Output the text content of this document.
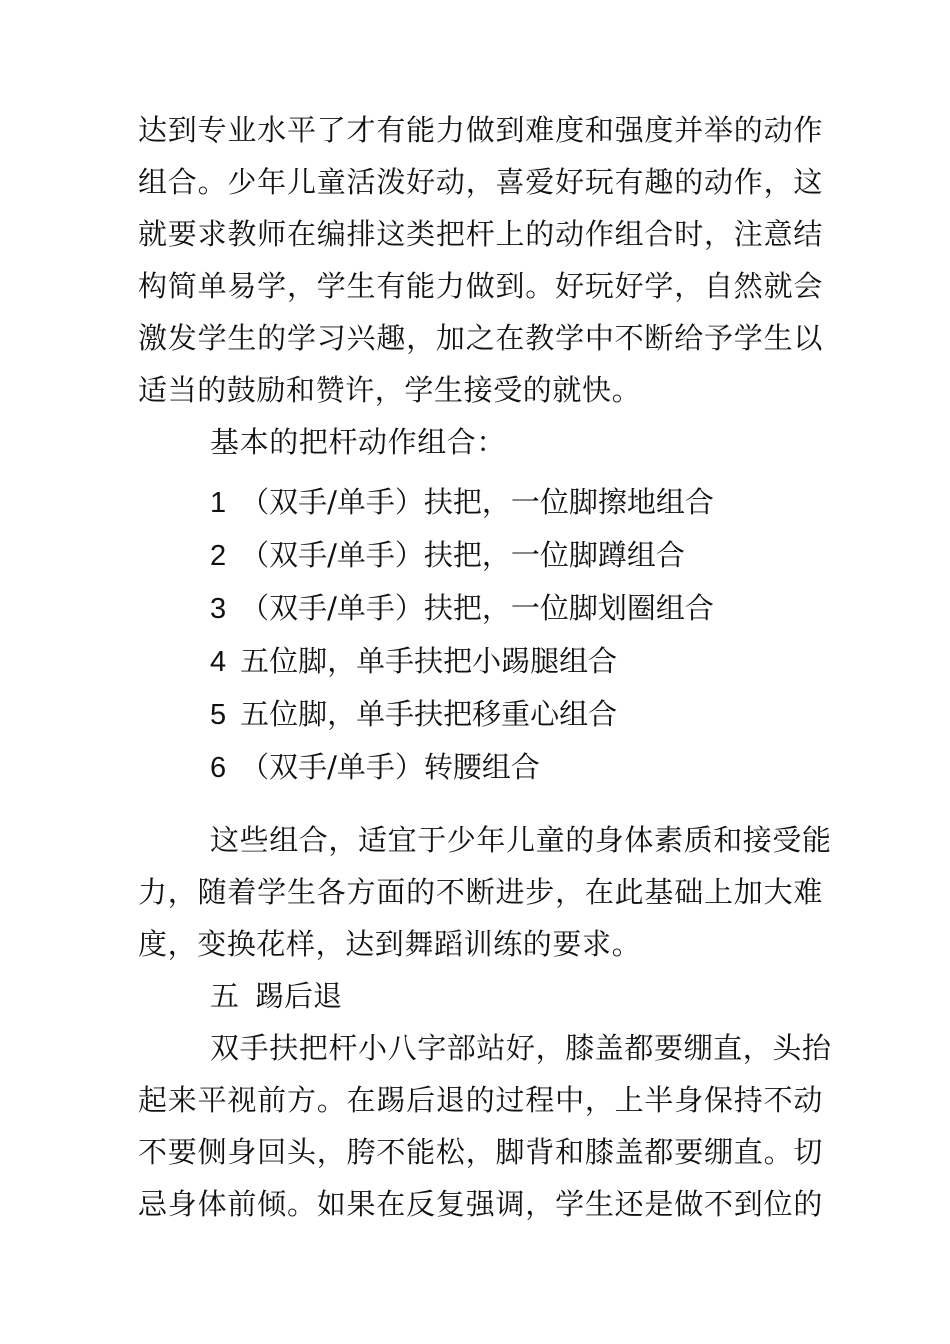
达到专业水平了才有能力做到难度和强度并举的动作
组合。少年儿童活泼好动，喜爱好玩有趣的动作，这
就要求教师在编排这类把杆上的动作组合时，注意结
构简单易学，学生有能力做到。好玩好学，自然就会
激发学生的学习兴趣，加之在教学中不断给予学生以
适当的鼓励和赞许，学生接受的就快。

基本的把杆动作组合：

1 （双手/单手）扶把，一位脚擦地组合
2 （双手/单手）扶把，一位脚蹲组合
3 （双手/单手）扶把，一位脚划圈组合
4 五位脚，单手扶把小踢腿组合
5 五位脚，单手扶把移重心组合
6 （双手/单手）转腰组合

这些组合，适宜于少年儿童的身体素质和接受能
力，随着学生各方面的不断进步，在此基础上加大难
度，变换花样，达到舞蹈训练的要求。

五 踢后退

双手扶把杆小八字部站好，膝盖都要绷直，头抬
起来平视前方。在踢后退的过程中，上半身保持不动
不要侧身回头，胯不能松，脚背和膝盖都要绷直。切
忌身体前倾。如果在反复强调，学生还是做不到位的
